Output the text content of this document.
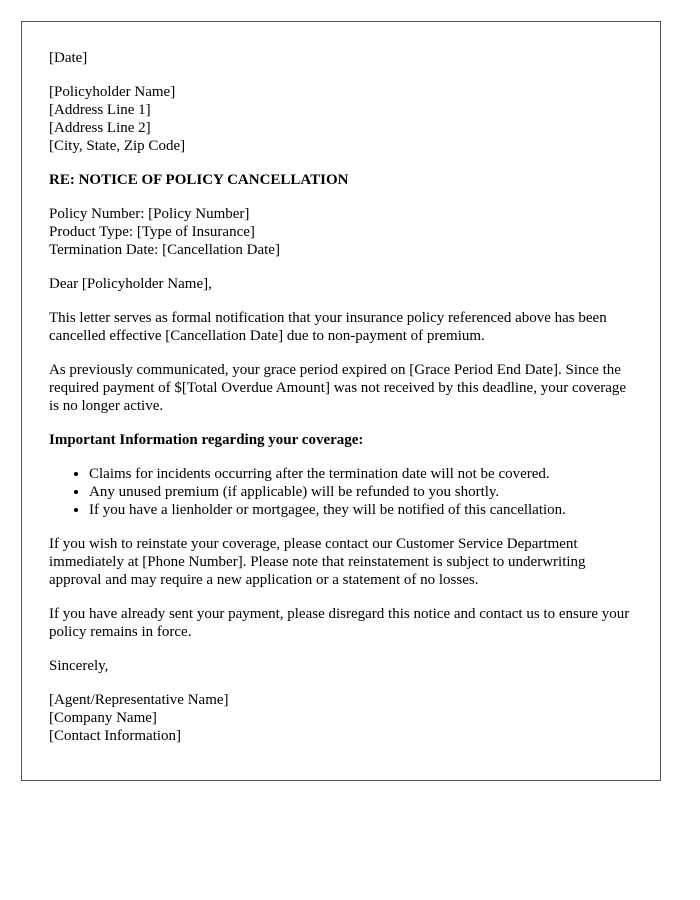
[Date]
[Policyholder Name]
[Address Line 1]
[Address Line 2]
[City, State, Zip Code]
RE: NOTICE OF POLICY CANCELLATION
Policy Number: [Policy Number]
Product Type: [Type of Insurance]
Termination Date: [Cancellation Date]
Dear [Policyholder Name],

This letter serves as formal notification that your insurance policy referenced above has been cancelled effective [Cancellation Date] due to non-payment of premium.

As previously communicated, your grace period expired on [Grace Period End Date]. Since the required payment of $[Total Overdue Amount] was not received by this deadline, your coverage is no longer active.

Important Information regarding your coverage:
• Claims for incidents occurring after the termination date will not be covered.
• Any unused premium (if applicable) will be refunded to you shortly.
• If you have a lienholder or mortgagee, they will be notified of this cancellation.

If you wish to reinstate your coverage, please contact our Customer Service Department immediately at [Phone Number]. Please note that reinstatement is subject to underwriting approval and may require a new application or a statement of no losses.

If you have already sent your payment, please disregard this notice and contact us to ensure your policy remains in force.

Sincerely,
[Agent/Representative Name]
[Company Name]
[Contact Information]
